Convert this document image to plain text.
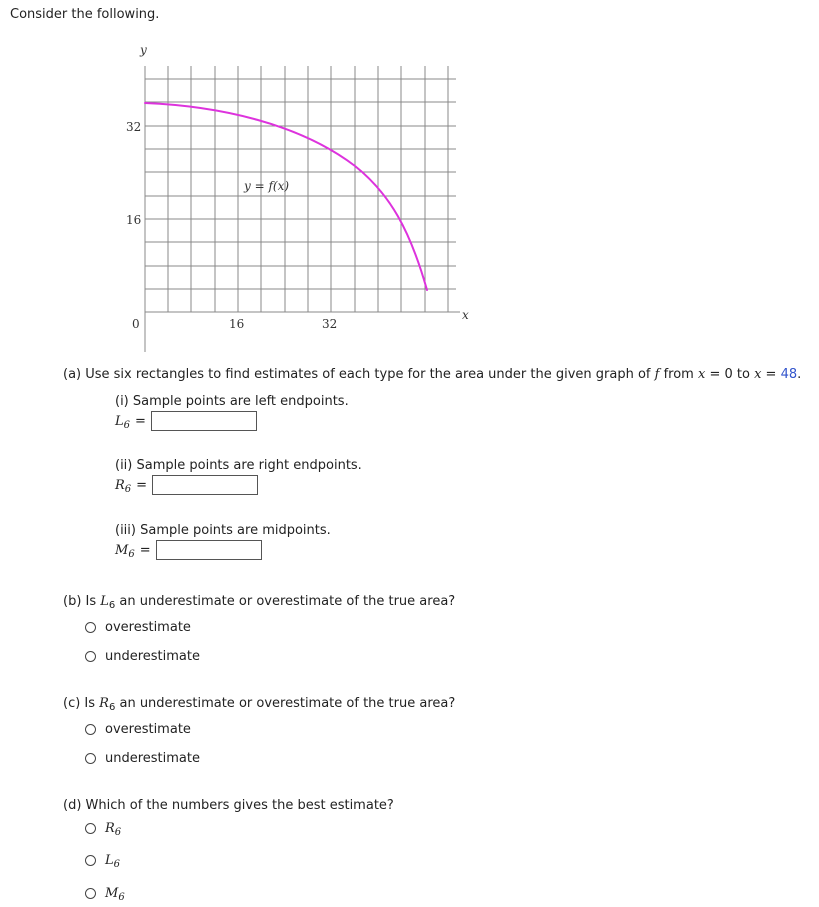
Consider the following.
y
x
32
16
0	16	32
y = f(x)
(a) Use six rectangles to find estimates of each type for the area under the given graph of f from x = 0 to x = 48.
(i) Sample points are left endpoints.
$L_6$ =
(ii) Sample points are right endpoints.
$R_6$ =
(iii) Sample points are midpoints.
$M_6$ =
(b) Is $L_6$ an underestimate or overestimate of the true area?
overestimate
underestimate
(c) Is $R_6$ an underestimate or overestimate of the true area?
overestimate
underestimate
(d) Which of the numbers gives the best estimate?
$R_6$
$L_6$
$M_6$
